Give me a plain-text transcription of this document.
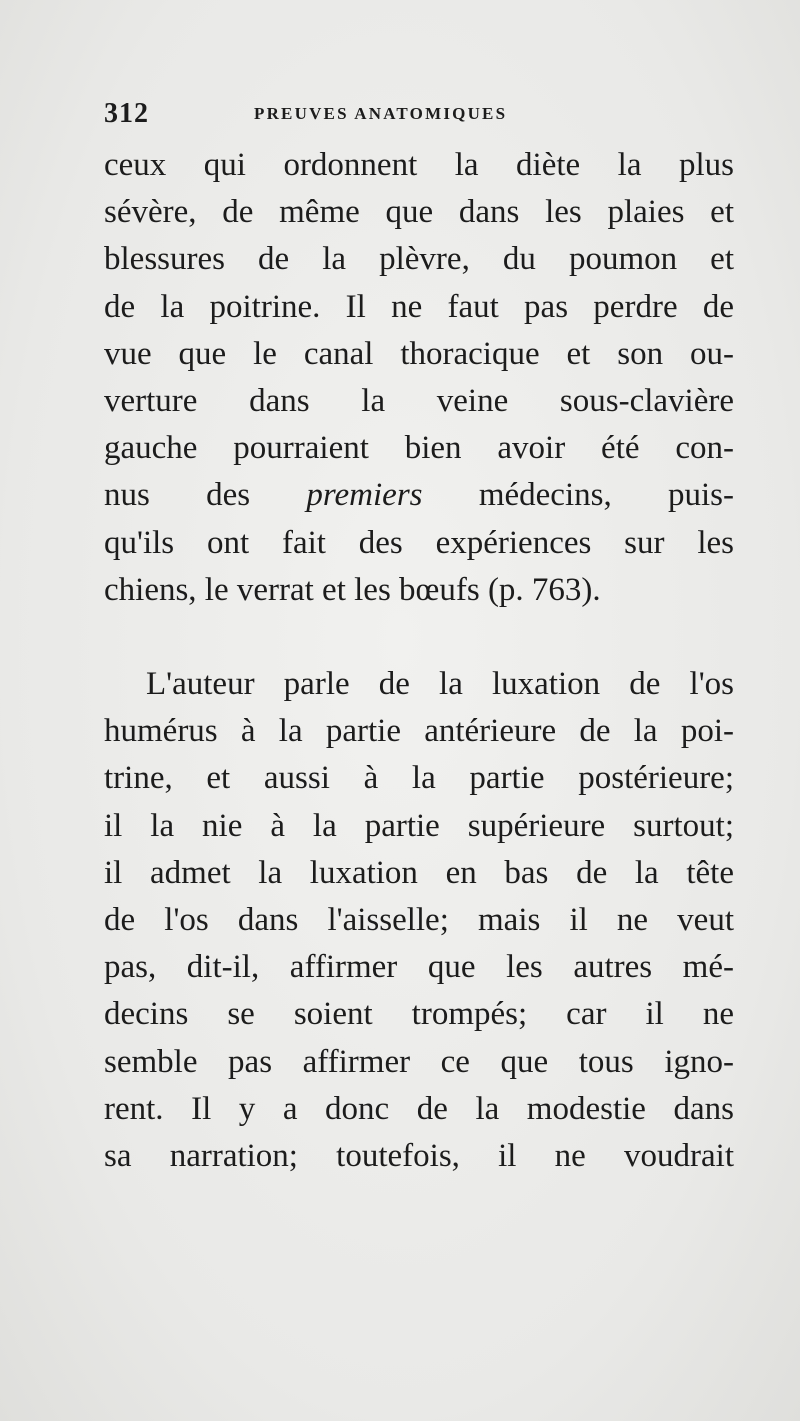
312	PREUVES ANATOMIQUES
ceux qui ordonnent la diète la plus
sévère, de même que dans les plaies et
blessures de la plèvre, du poumon et
de la poitrine. Il ne faut pas perdre de
vue que le canal thoracique et son ou-
verture dans la veine sous-clavière
gauche pourraient bien avoir été con-
nus des premiers médecins, puis-
qu'ils ont fait des expériences sur les
chiens, le verrat et les bœufs (p. 763).
L'auteur parle de la luxation de l'os
humérus à la partie antérieure de la poi-
trine, et aussi à la partie postérieure;
il la nie à la partie supérieure surtout;
il admet la luxation en bas de la tête
de l'os dans l'aisselle; mais il ne veut
pas, dit-il, affirmer que les autres mé-
decins se soient trompés; car il ne
semble pas affirmer ce que tous igno-
rent. Il y a donc de la modestie dans
sa narration; toutefois, il ne voudrait
